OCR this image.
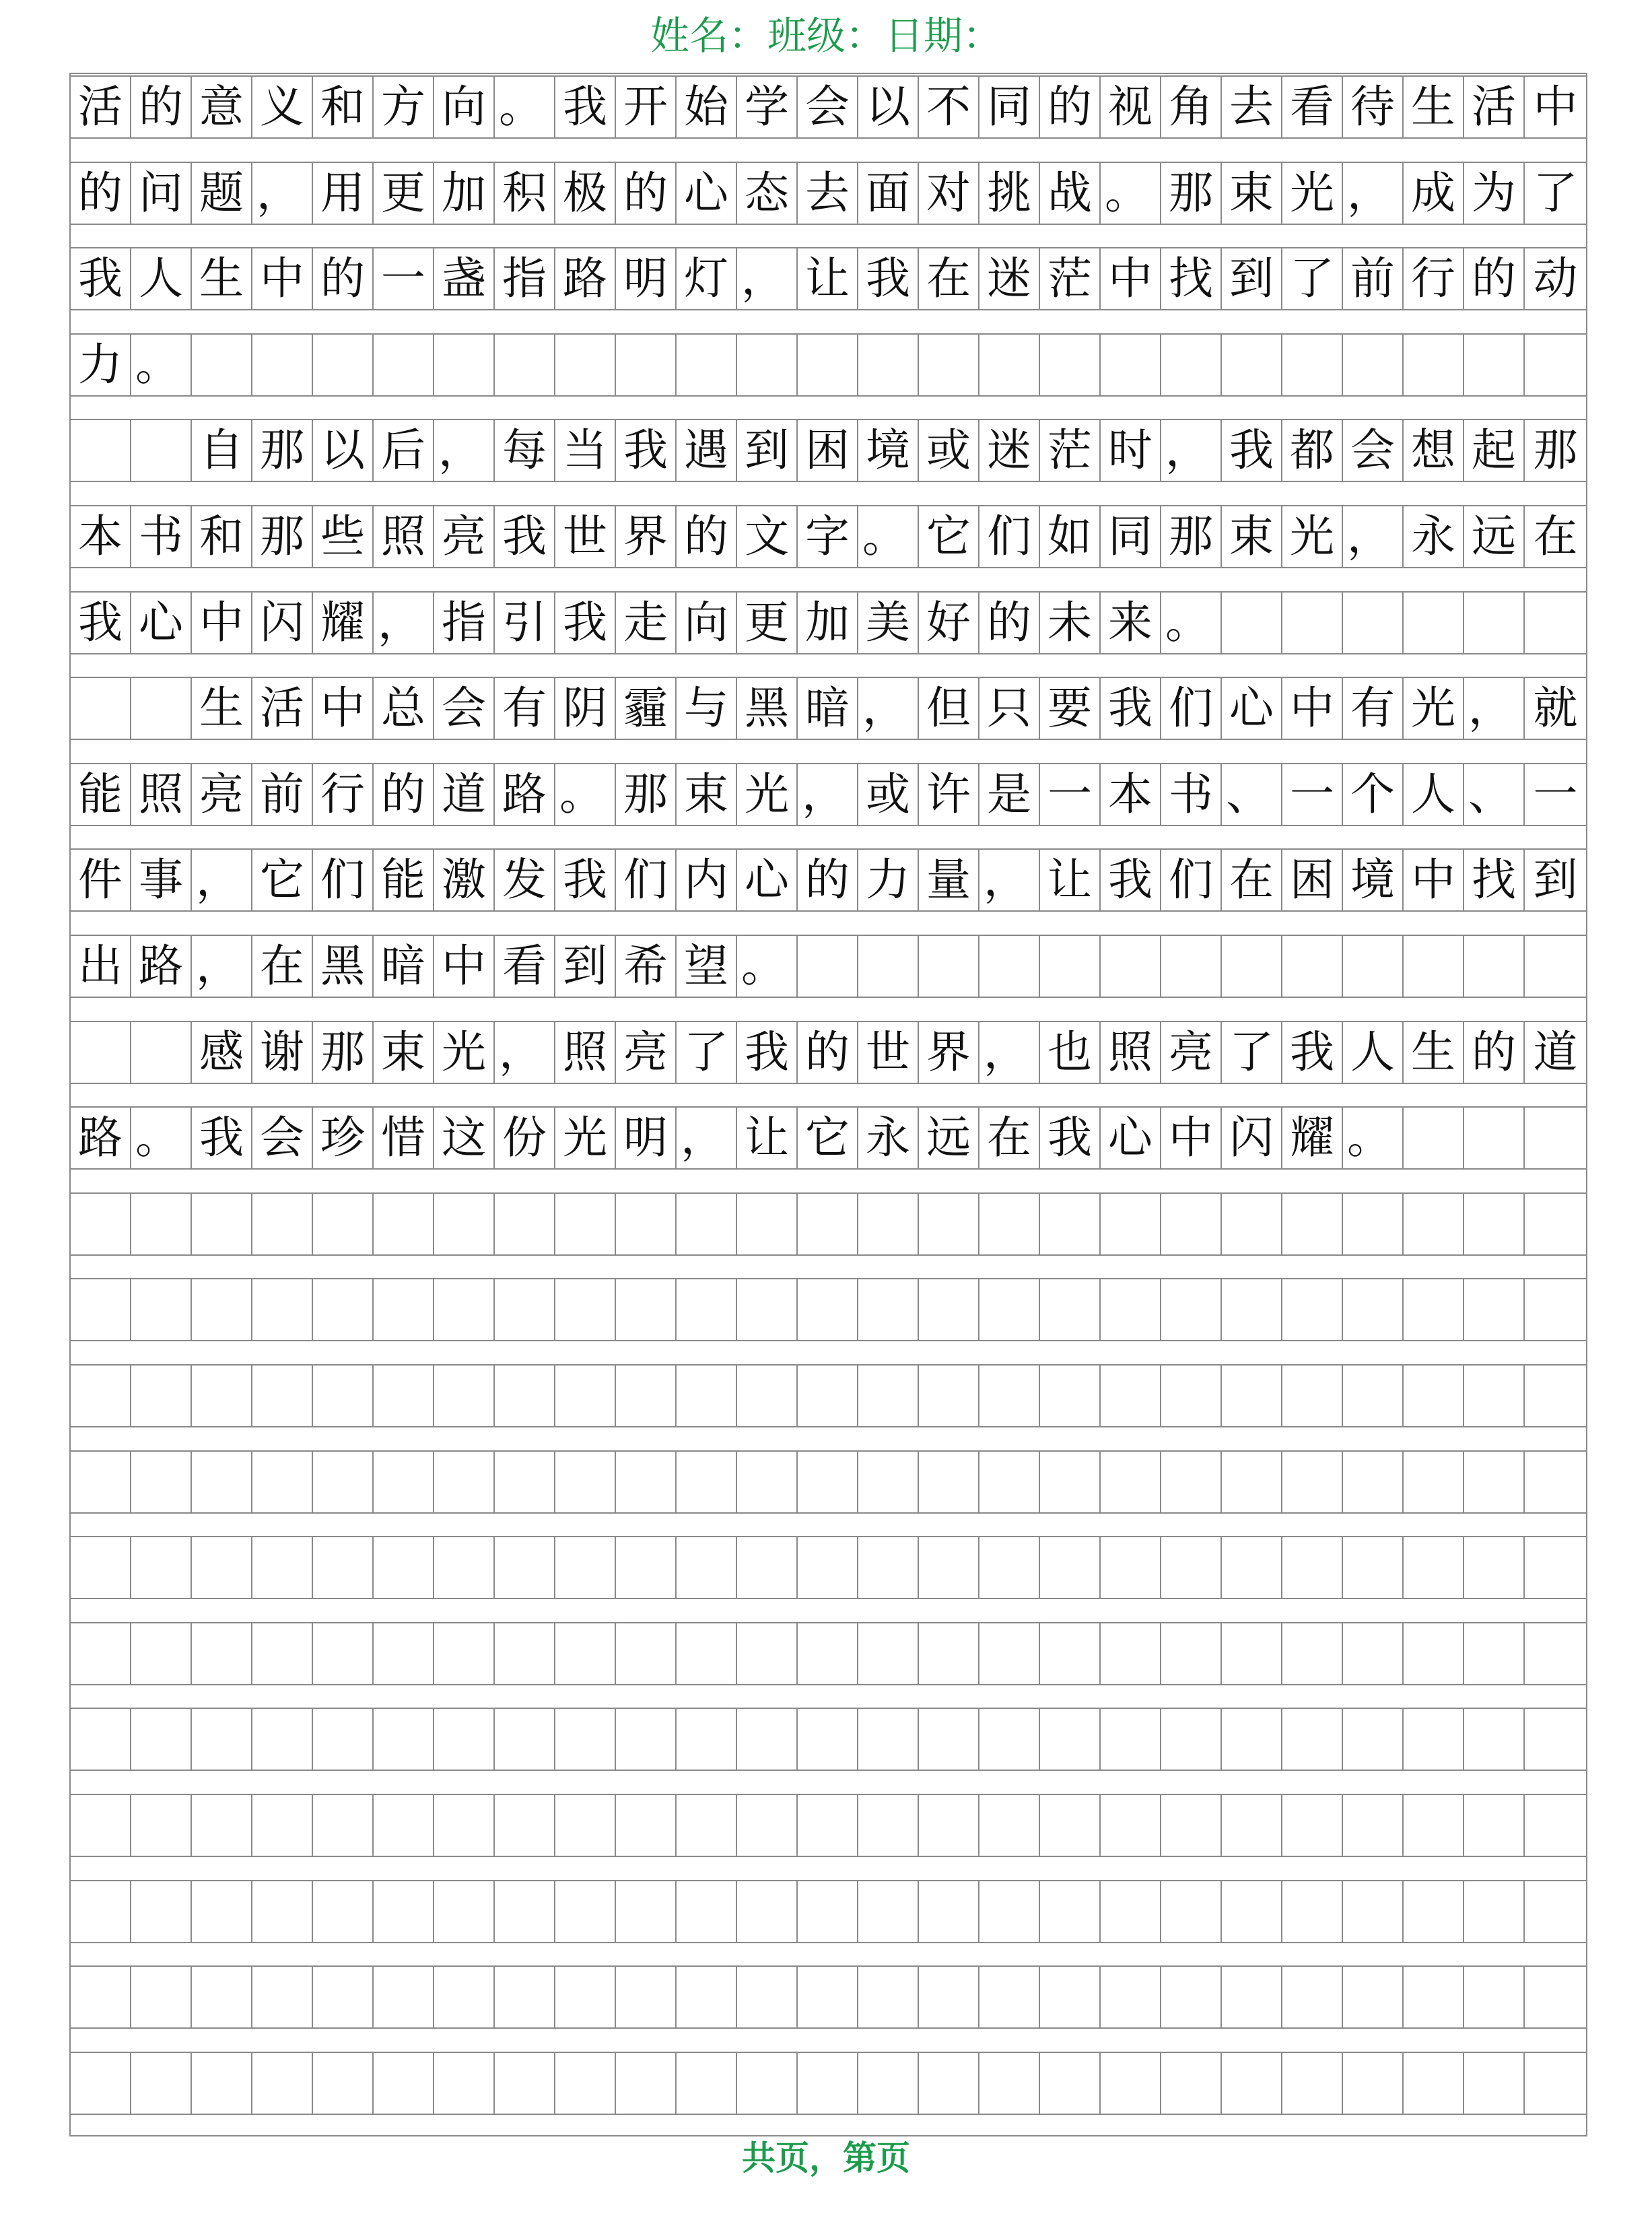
姓名：班级：日期：
活 的 意 义 和 方 向 。 我 开 始 学 会 以 不 同 的 视 角 去 看 待 生 活 中
的 问 题 ， 用 更 加 积 极 的 心 态 去 面 对 挑 战 。 那 束 光 ， 成 为 了
我 人 生 中 的 一 盏 指 路 明 灯 ， 让 我 在 迷 茫 中 找 到 了 前 行 的 动
力 。
自 那 以 后 ， 每 当 我 遇 到 困 境 或 迷 茫 时 ， 我 都 会 想 起 那
本 书 和 那 些 照 亮 我 世 界 的 文 字 。 它 们 如 同 那 束 光 ， 永 远 在
我 心 中 闪 耀 ， 指 引 我 走 向 更 加 美 好 的 未 来 。
生 活 中 总 会 有 阴 霾 与 黑 暗 ， 但 只 要 我 们 心 中 有 光 ， 就
能 照 亮 前 行 的 道 路 。 那 束 光 ， 或 许 是 一 本 书 、 一 个 人 、 一
件 事 ， 它 们 能 激 发 我 们 内 心 的 力 量 ， 让 我 们 在 困 境 中 找 到
出 路 ， 在 黑 暗 中 看 到 希 望 。
感 谢 那 束 光 ， 照 亮 了 我 的 世 界 ， 也 照 亮 了 我 人 生 的 道
路 。 我 会 珍 惜 这 份 光 明 ， 让 它 永 远 在 我 心 中 闪 耀 。
共页，第页
